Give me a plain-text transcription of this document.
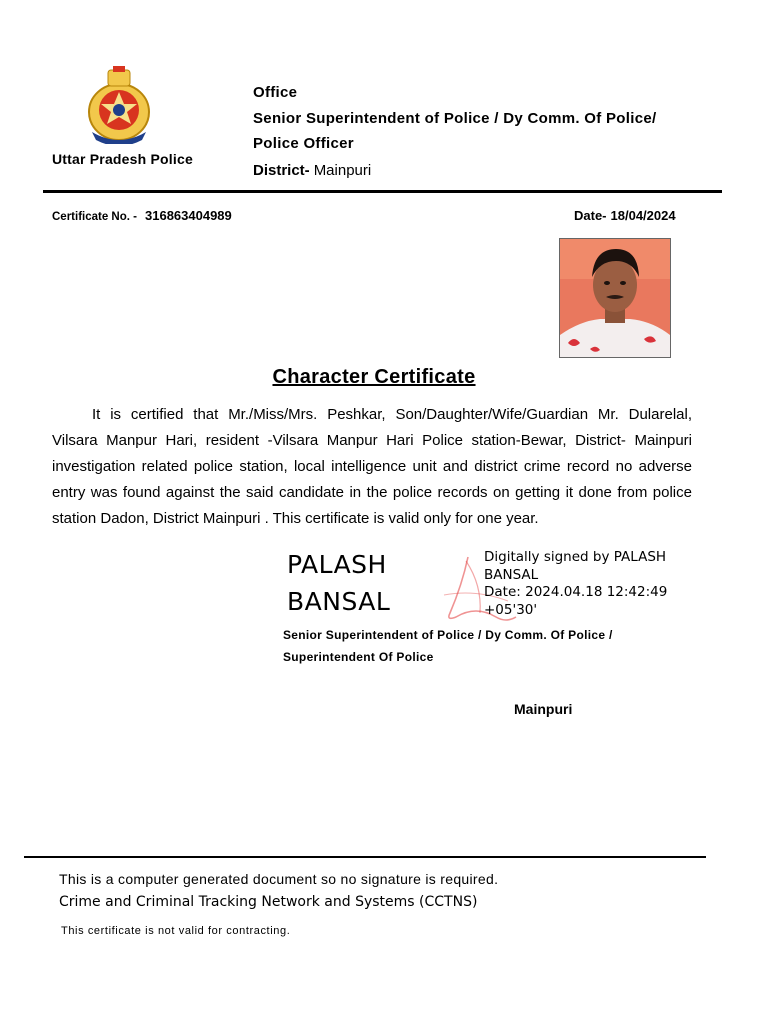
Uttar Pradesh Police
Office
Senior Superintendent of Police / Dy Comm. Of Police/
Police Officer
District- Mainpuri
Certificate No. - 316863404989	Date- 18/04/2024
Character Certificate

It is certified that Mr./Miss/Mrs. Peshkar, Son/Daughter/Wife/Guardian Mr. Dularelal, Vilsara Manpur Hari, resident -Vilsara Manpur Hari Police station-Bewar, District- Mainpuri investigation related police station, local intelligence unit and district crime record no adverse entry was found against the said candidate in the police records on getting it done from police station Dadon, District Mainpuri . This certificate is valid only for one year.

PALASH
BANSAL
Digitally signed by PALASH
BANSAL
Date: 2024.04.18 12:42:49
+05'30'
Senior Superintendent of Police / Dy Comm. Of Police /
Superintendent Of Police
Mainpuri
This is a computer generated document so no signature is required.
Crime and Criminal Tracking Network and Systems (CCTNS)
This certificate is not valid for contracting.
